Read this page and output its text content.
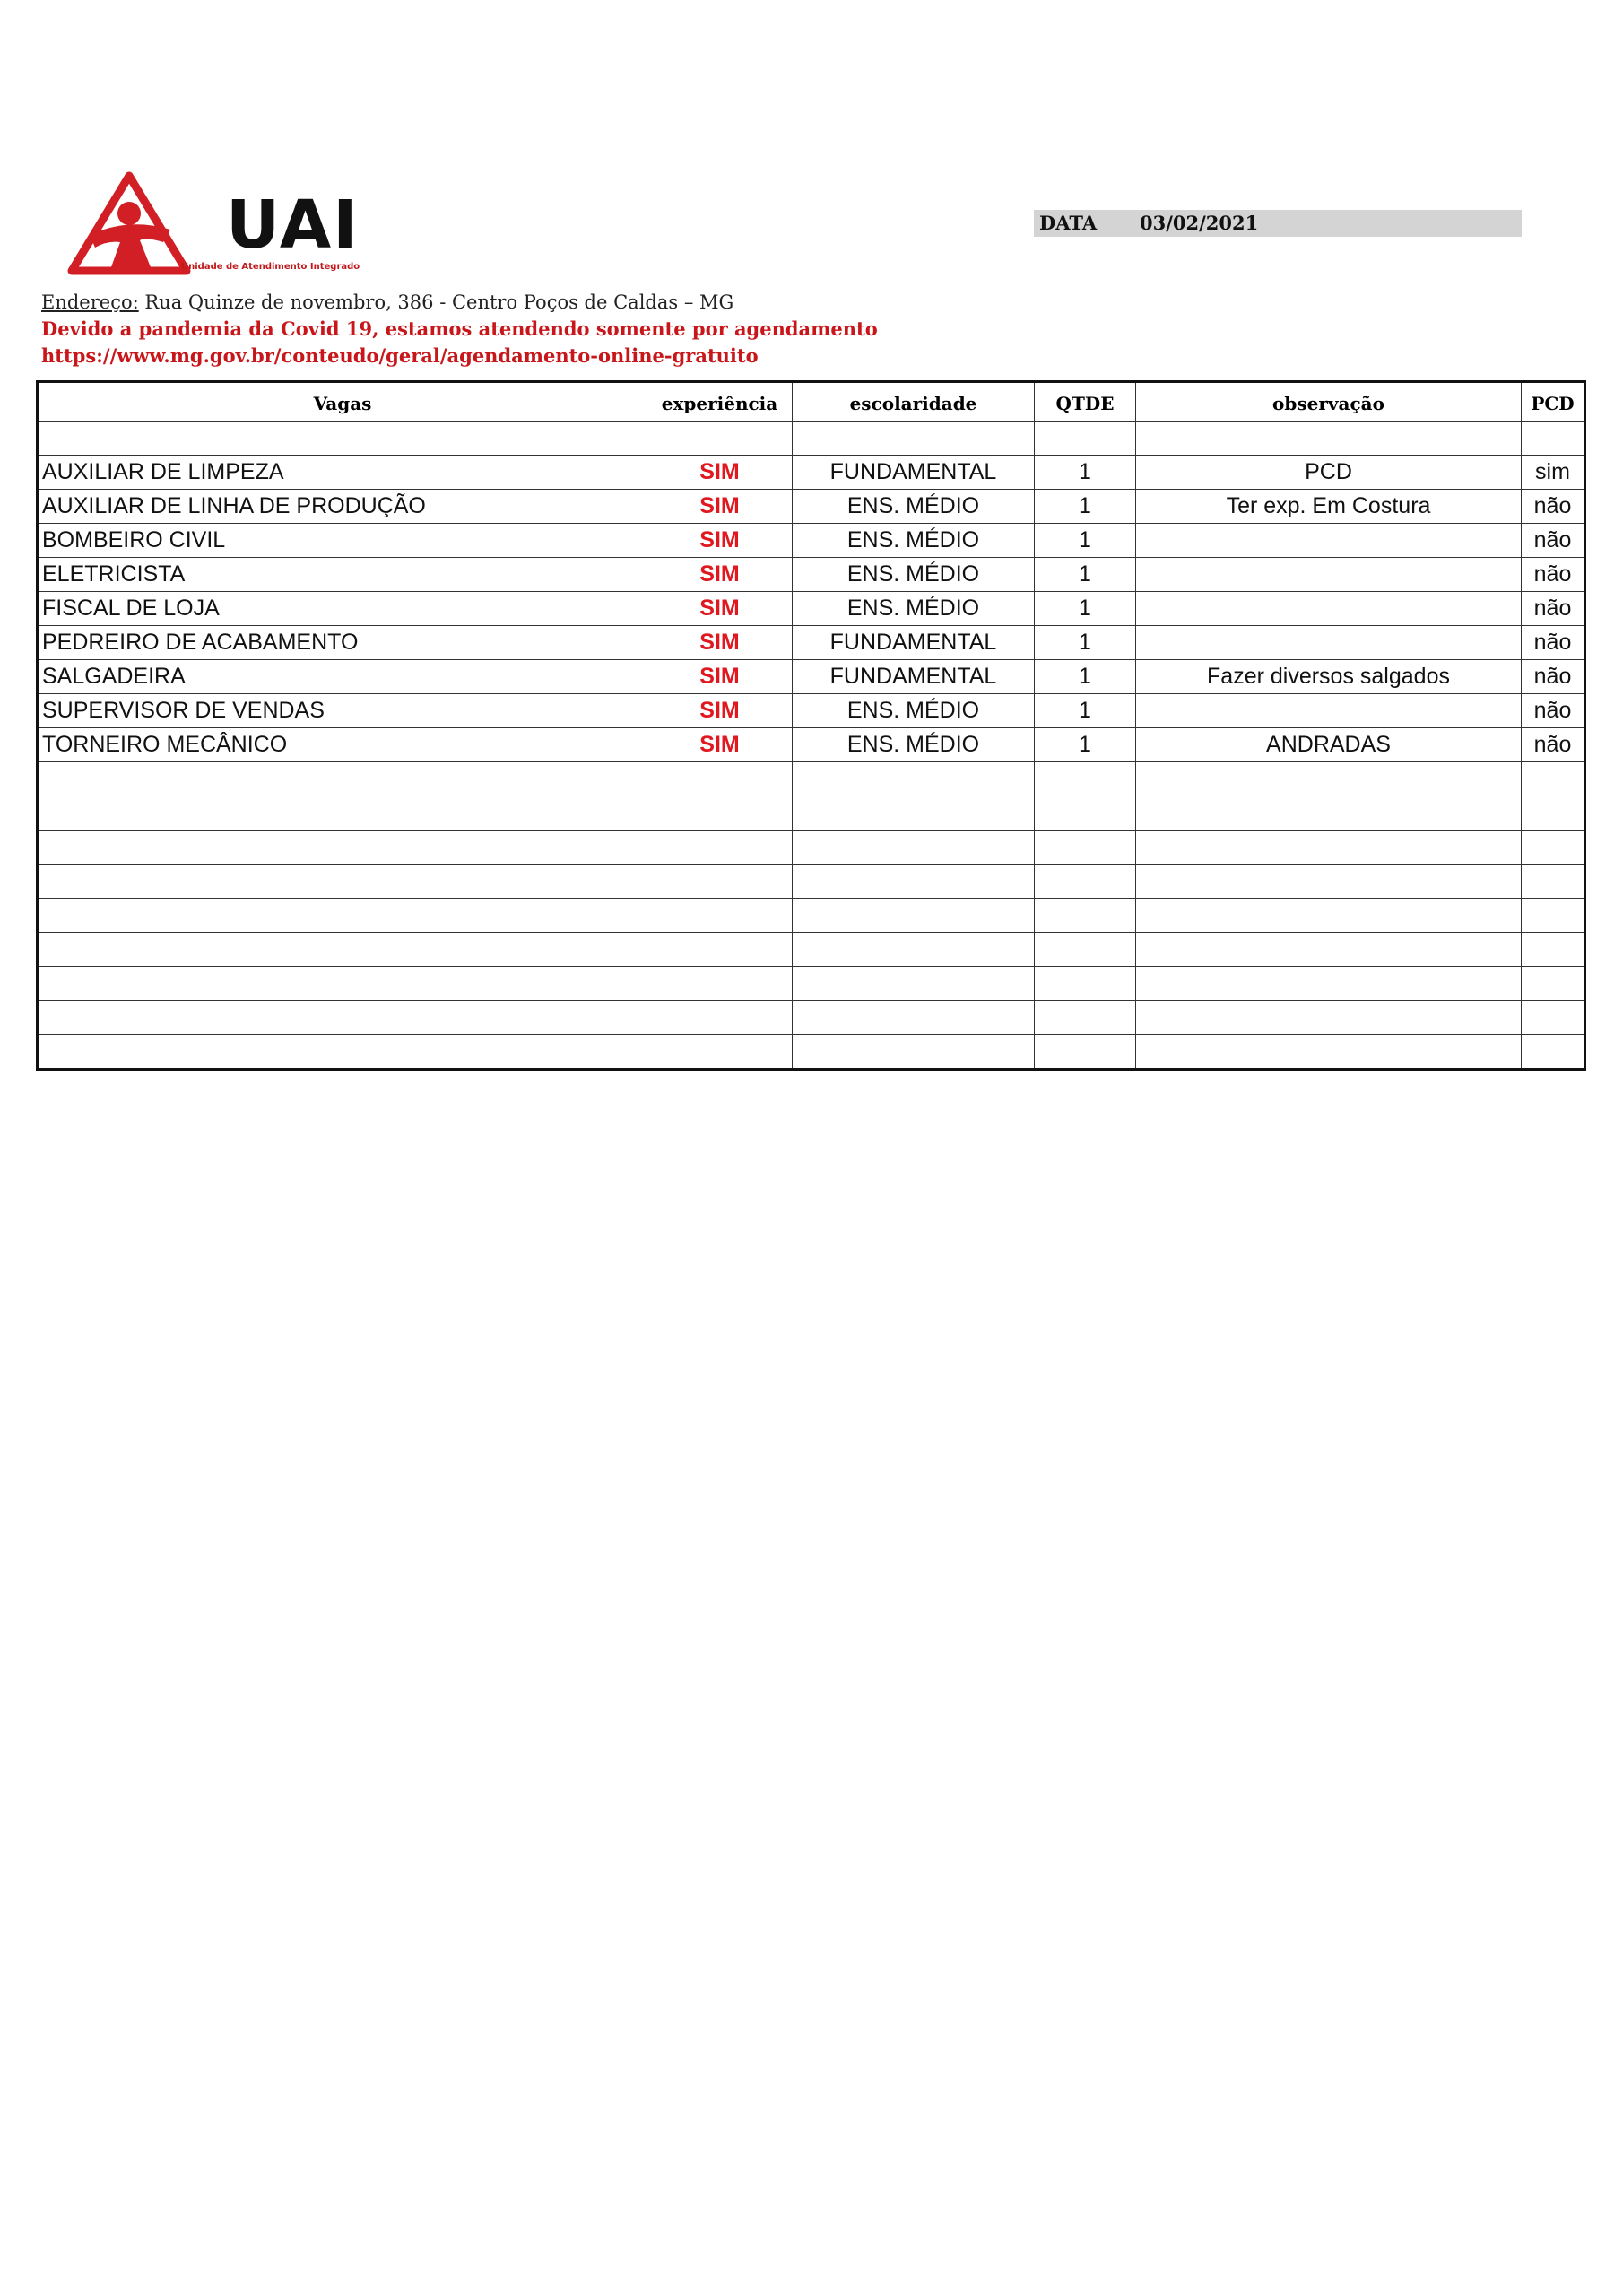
UAI
Unidade de Atendimento Integrado
DATA 03/02/2021
Endereço: Rua Quinze de novembro, 386 - Centro Poços de Caldas – MG
Devido a pandemia da Covid 19, estamos atendendo somente por agendamento
https://www.mg.gov.br/conteudo/geral/agendamento-online-gratuito
Vagas	experiência	escolaridade	QTDE	observação	PCD

AUXILIAR DE LIMPEZA	SIM	FUNDAMENTAL	1	PCD	sim
AUXILIAR DE LINHA DE PRODUÇÃO	SIM	ENS. MÉDIO	1	Ter exp. Em Costura	não
BOMBEIRO CIVIL	SIM	ENS. MÉDIO	1		não
ELETRICISTA	SIM	ENS. MÉDIO	1		não
FISCAL DE LOJA	SIM	ENS. MÉDIO	1		não
PEDREIRO DE ACABAMENTO	SIM	FUNDAMENTAL	1		não
SALGADEIRA	SIM	FUNDAMENTAL	1	Fazer diversos salgados	não
SUPERVISOR DE VENDAS	SIM	ENS. MÉDIO	1		não
TORNEIRO MECÂNICO	SIM	ENS. MÉDIO	1	ANDRADAS	não
